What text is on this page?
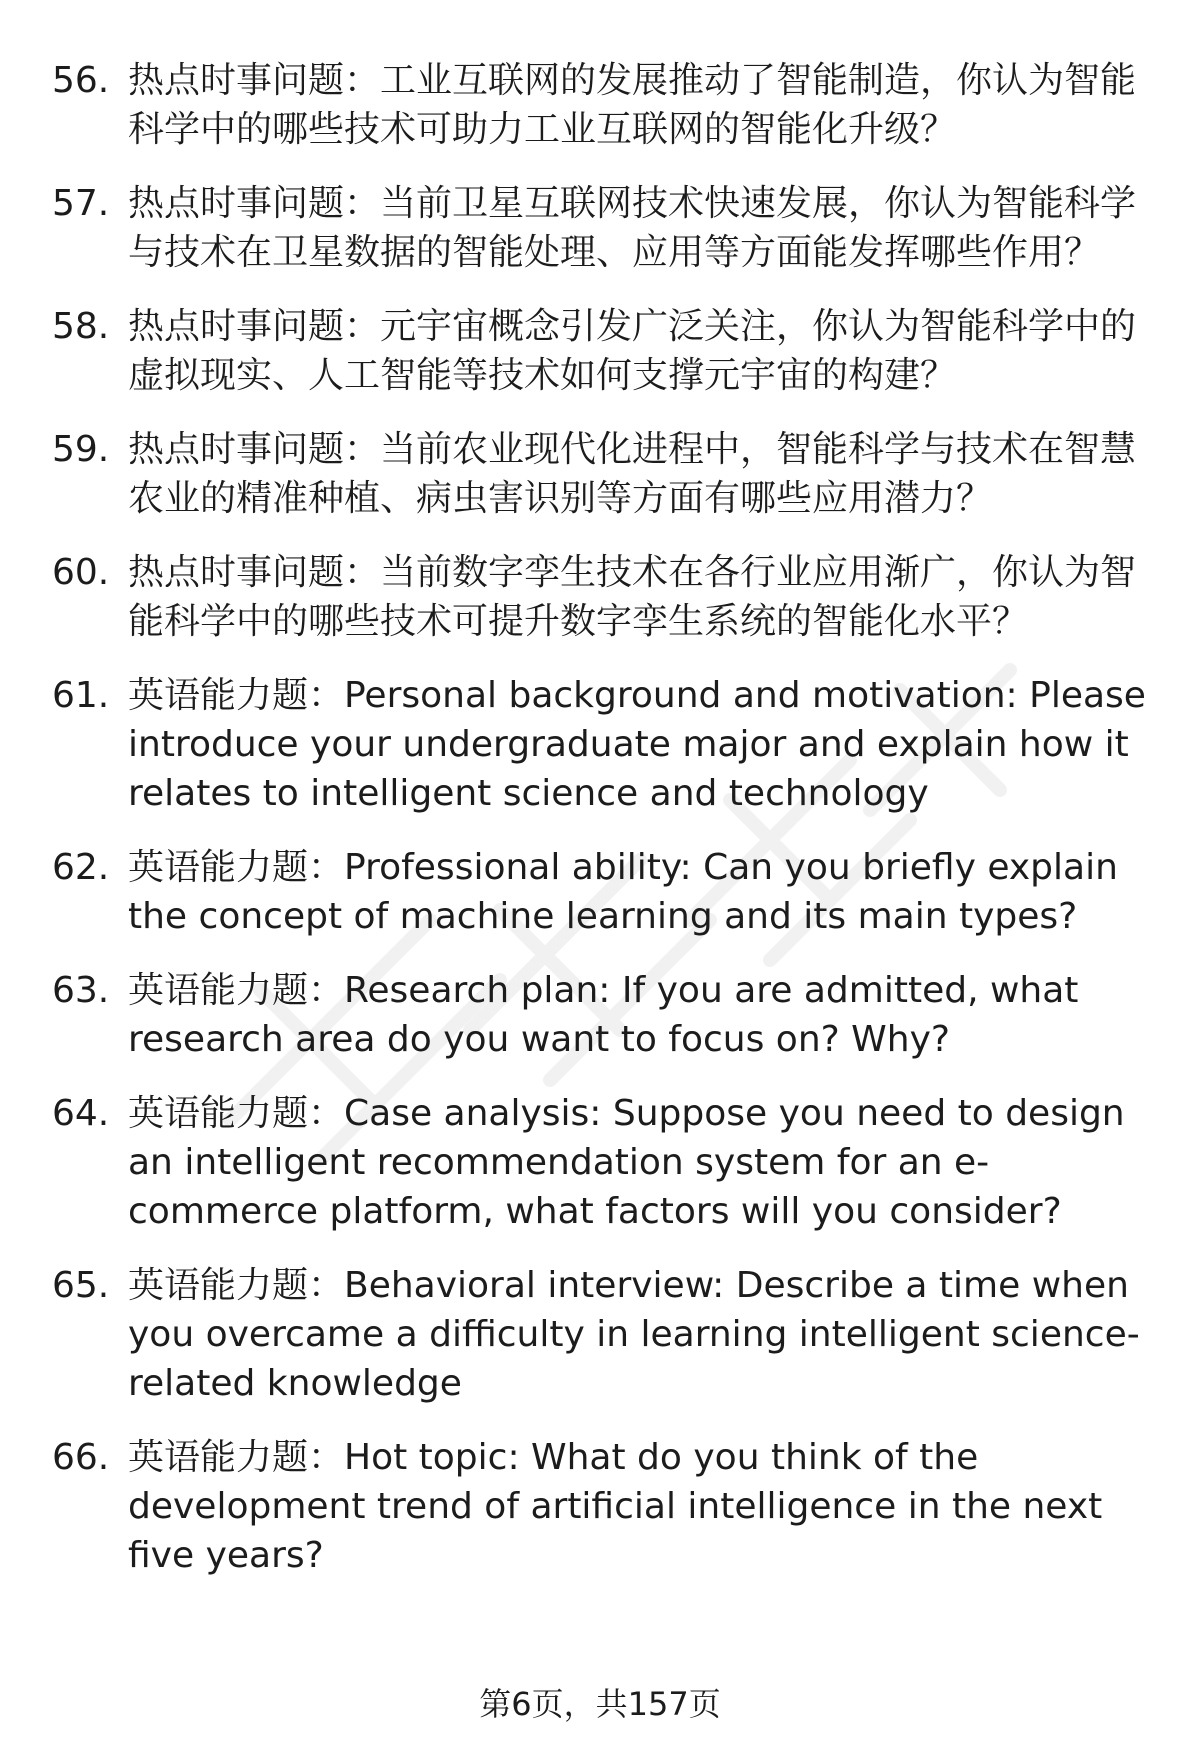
56. 热点时事问题：工业互联网的发展推动了智能制造，你认为智能科学中的哪些技术可助力工业互联网的智能化升级？
57. 热点时事问题：当前卫星互联网技术快速发展，你认为智能科学与技术在卫星数据的智能处理、应用等方面能发挥哪些作用？
58. 热点时事问题：元宇宙概念引发广泛关注，你认为智能科学中的虚拟现实、人工智能等技术如何支撑元宇宙的构建？
59. 热点时事问题：当前农业现代化进程中，智能科学与技术在智慧农业的精准种植、病虫害识别等方面有哪些应用潜力？
60. 热点时事问题：当前数字孪生技术在各行业应用渐广，你认为智能科学中的哪些技术可提升数字孪生系统的智能化水平？
61. 英语能力题：Personal background and motivation: Please introduce your undergraduate major and explain how it relates to intelligent science and technology
62. 英语能力题：Professional ability: Can you briefly explain the concept of machine learning and its main types?
63. 英语能力题：Research plan: If you are admitted, what research area do you want to focus on? Why?
64. 英语能力题：Case analysis: Suppose you need to design an intelligent recommendation system for an e-commerce platform, what factors will you consider?
65. 英语能力题：Behavioral interview: Describe a time when you overcame a difficulty in learning intelligent science-related knowledge
66. 英语能力题：Hot topic: What do you think of the development trend of artificial intelligence in the next five years?
第6页，共157页
